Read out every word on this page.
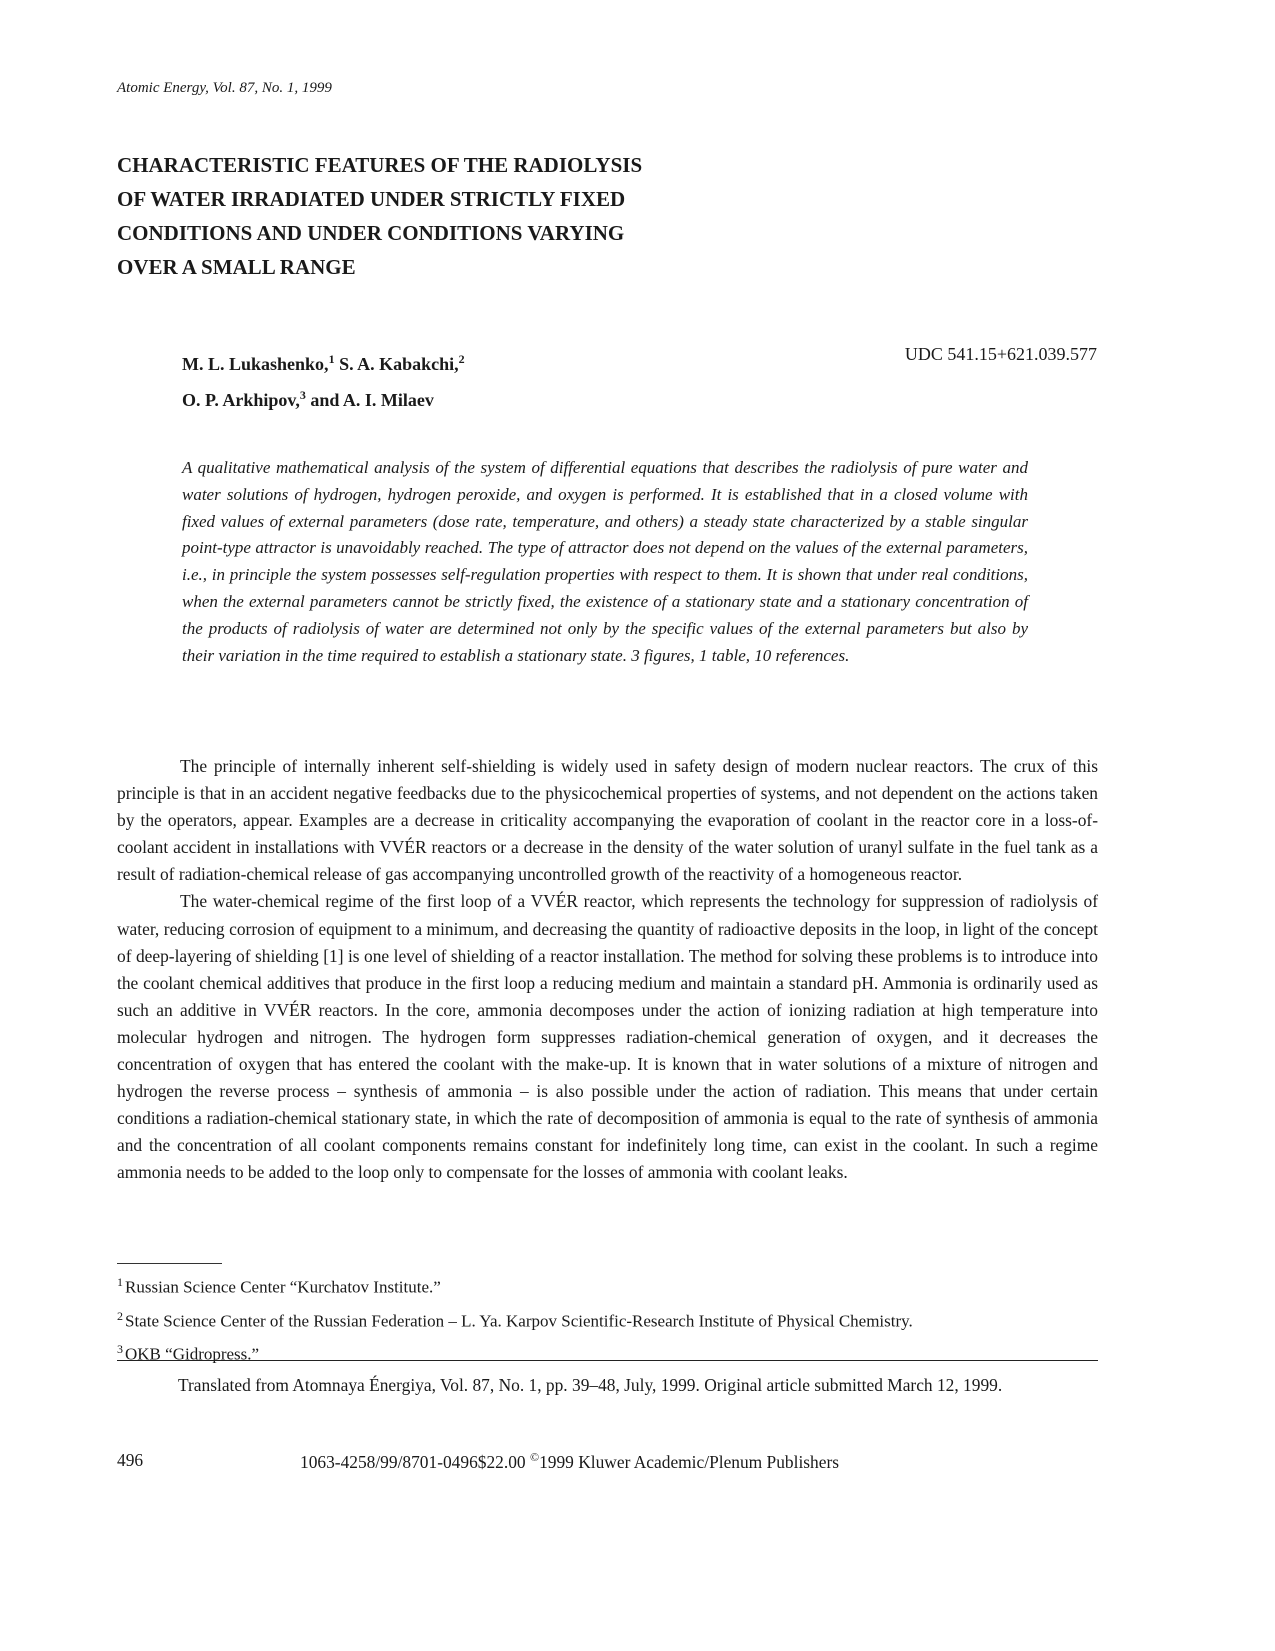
Atomic Energy, Vol. 87, No. 1, 1999
CHARACTERISTIC FEATURES OF THE RADIOLYSIS
OF WATER IRRADIATED UNDER STRICTLY FIXED
CONDITIONS AND UNDER CONDITIONS VARYING
OVER A SMALL RANGE
M. L. Lukashenko,$^1$ S. A. Kabakchi,$^2$
O. P. Arkhipov,$^3$ and A. I. Milaev
UDC 541.15+621.039.577

A qualitative mathematical analysis of the system of differential equations that describes the radiolysis of pure water and water solutions of hydrogen, hydrogen peroxide, and oxygen is performed. It is established that in a closed volume with fixed values of external parameters (dose rate, temperature, and others) a steady state characterized by a stable singular point-type attractor is unavoidably reached. The type of attractor does not depend on the values of the external parameters, i.e., in principle the system possesses self-regulation properties with respect to them. It is shown that under real conditions, when the external parameters cannot be strictly fixed, the existence of a stationary state and a stationary concentration of the products of radiolysis of water are determined not only by the specific values of the external parameters but also by their variation in the time required to establish a stationary state. 3 figures, 1 table, 10 references.

The principle of internally inherent self-shielding is widely used in safety design of modern nuclear reactors. The crux of this principle is that in an accident negative feedbacks due to the physicochemical properties of systems, and not dependent on the actions taken by the operators, appear. Examples are a decrease in criticality accompanying the evaporation of coolant in the reactor core in a loss-of-coolant accident in installations with VVÉR reactors or a decrease in the density of the water solution of uranyl sulfate in the fuel tank as a result of radiation-chemical release of gas accompanying uncontrolled growth of the reactivity of a homogeneous reactor.

The water-chemical regime of the first loop of a VVÉR reactor, which represents the technology for suppression of radiolysis of water, reducing corrosion of equipment to a minimum, and decreasing the quantity of radioactive deposits in the loop, in light of the concept of deep-layering of shielding [1] is one level of shielding of a reactor installation. The method for solving these problems is to introduce into the coolant chemical additives that produce in the first loop a reducing medium and maintain a standard pH. Ammonia is ordinarily used as such an additive in VVÉR reactors. In the core, ammonia decomposes under the action of ionizing radiation at high temperature into molecular hydrogen and nitrogen. The hydrogen form suppresses radiation-chemical generation of oxygen, and it decreases the concentration of oxygen that has entered the coolant with the make-up. It is known that in water solutions of a mixture of nitrogen and hydrogen the reverse process – synthesis of ammonia – is also possible under the action of radiation. This means that under certain conditions a radiation-chemical stationary state, in which the rate of decomposition of ammonia is equal to the rate of synthesis of ammonia and the concentration of all coolant components remains constant for indefinitely long time, can exist in the coolant. In such a regime ammonia needs to be added to the loop only to compensate for the losses of ammonia with coolant leaks.

$^1$ Russian Science Center “Kurchatov Institute.”
$^2$ State Science Center of the Russian Federation – L. Ya. Karpov Scientific-Research Institute of Physical Chemistry.
$^3$ OKB “Gidropress.”
Translated from Atomnaya Énergiya, Vol. 87, No. 1, pp. 39–48, July, 1999. Original article submitted March 12, 1999.
496	1063-4258/99/8701-0496$22.00 ©1999 Kluwer Academic/Plenum Publishers
